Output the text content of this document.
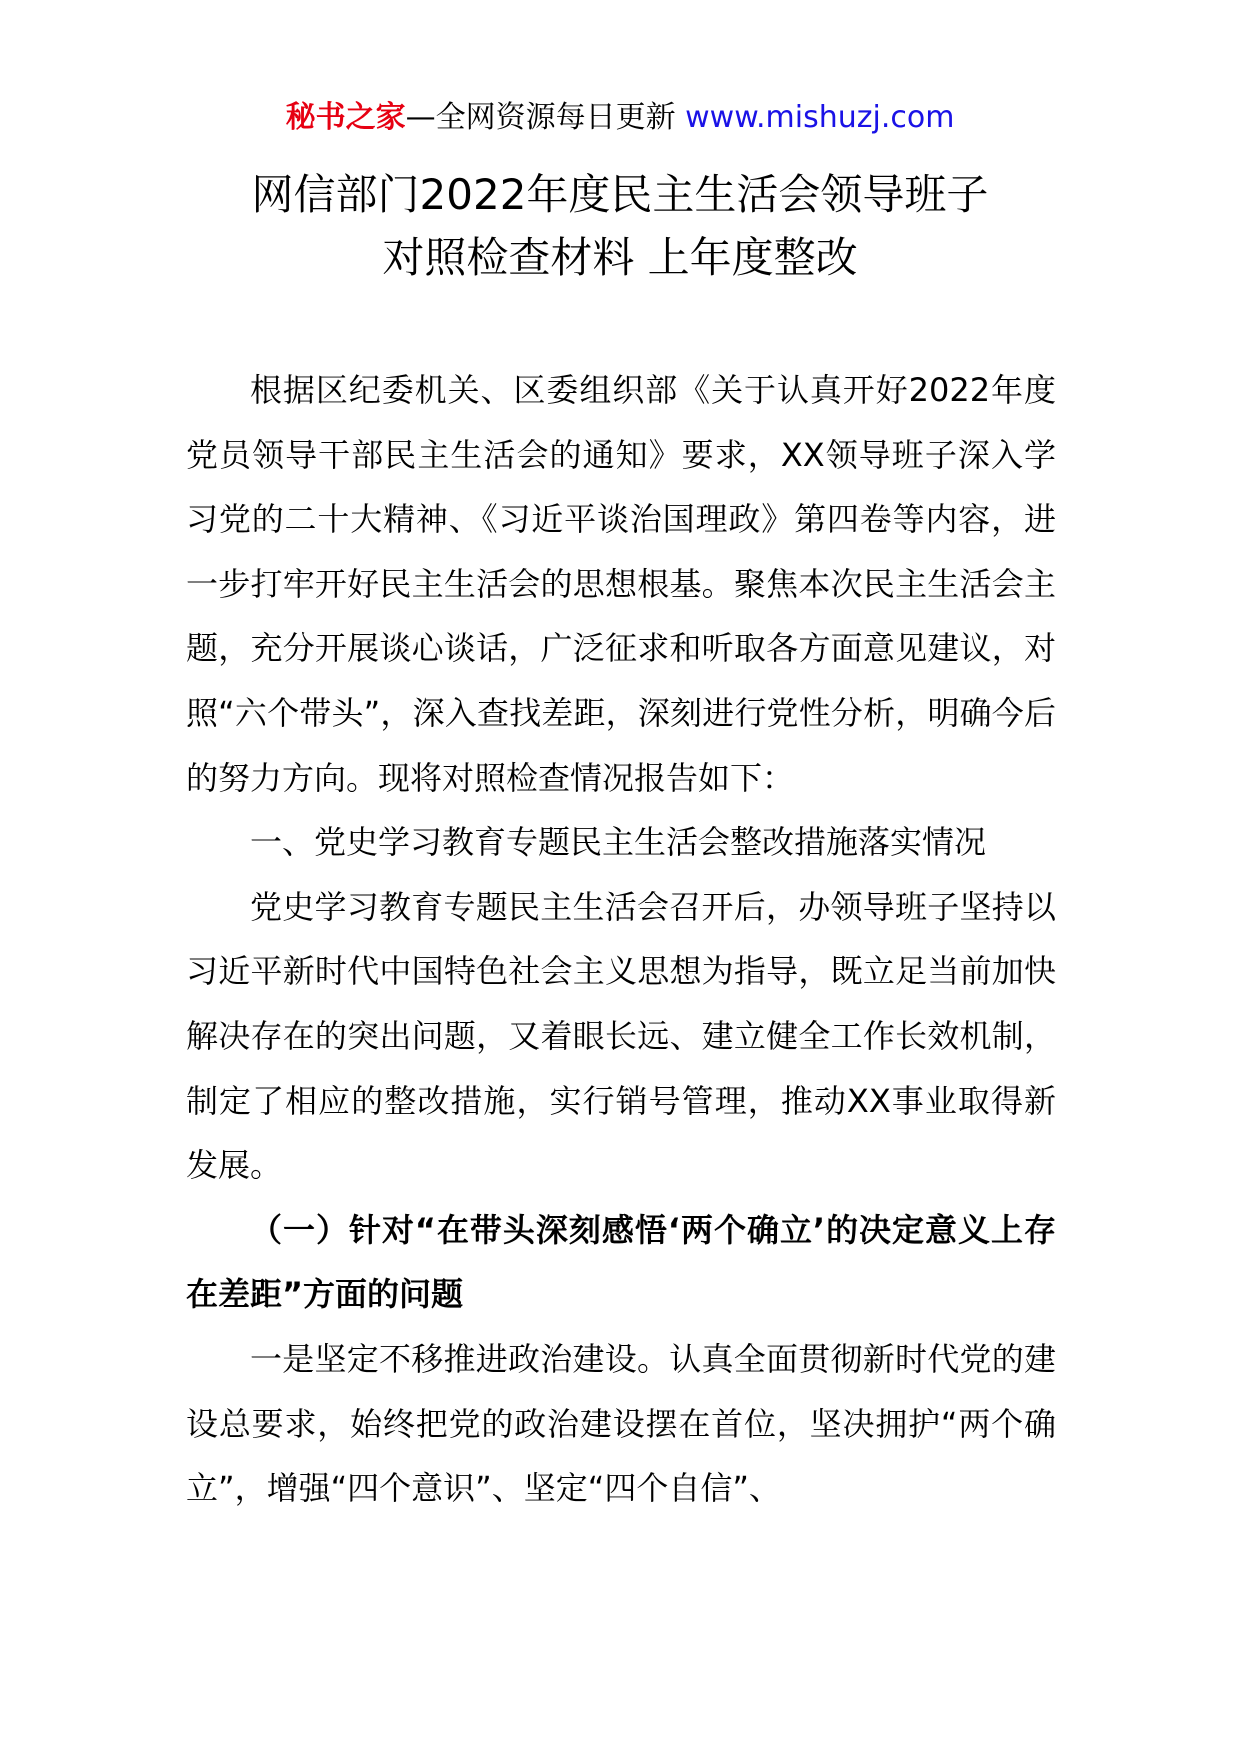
秘书之家—全网资源每日更新 www.mishuzj.com
网信部门2022年度民主生活会领导班子
对照检查材料 上年度整改

根据区纪委机关、区委组织部《关于认真开好2022年度党员领导干部民主生活会的通知》要求，XX领导班子深入学习党的二十大精神、《习近平谈治国理政》第四卷等内容，进一步打牢开好民主生活会的思想根基。聚焦本次民主生活会主题，充分开展谈心谈话，广泛征求和听取各方面意见建议，对照“六个带头”，深入查找差距，深刻进行党性分析，明确今后的努力方向。现将对照检查情况报告如下：

一、党史学习教育专题民主生活会整改措施落实情况

党史学习教育专题民主生活会召开后，办领导班子坚持以习近平新时代中国特色社会主义思想为指导，既立足当前加快解决存在的突出问题，又着眼长远、建立健全工作长效机制，制定了相应的整改措施，实行销号管理，推动XX事业取得新发展。

（一）针对“在带头深刻感悟‘两个确立’的决定意义上存在差距”方面的问题

一是坚定不移推进政治建设。认真全面贯彻新时代党的建设总要求，始终把党的政治建设摆在首位，坚决拥护“两个确立”，增强“四个意识”、坚定“四个自信”、
